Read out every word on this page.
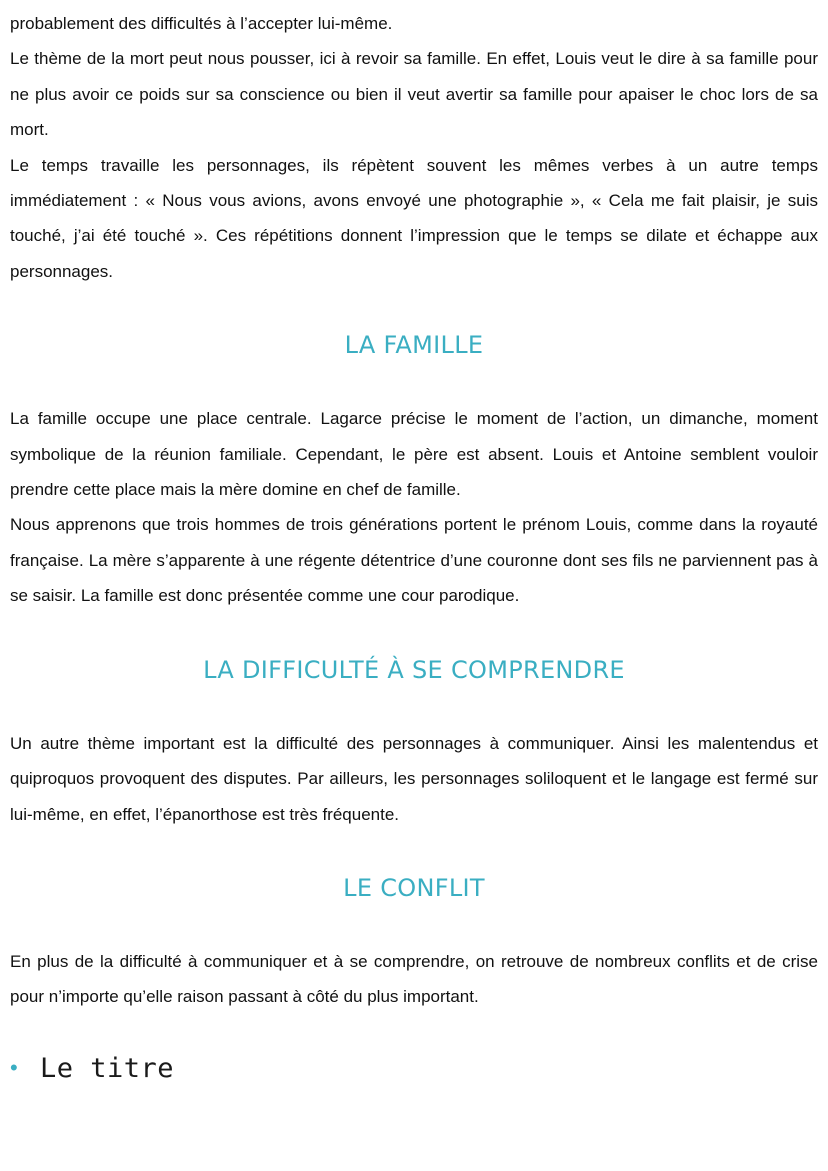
probablement des difficultés à l’accepter lui-même.

Le thème de la mort peut nous pousser, ici à revoir sa famille. En effet, Louis veut le dire à sa famille pour ne plus avoir ce poids sur sa conscience ou bien il veut avertir sa famille pour apaiser le choc lors de sa mort.

Le temps travaille les personnages, ils répètent souvent les mêmes verbes à un autre temps immédiatement : « Nous vous avions, avons envoyé une photographie », « Cela me fait plaisir, je suis touché, j’ai été touché ». Ces répétitions donnent l’impression que le temps se dilate et échappe aux personnages.

LA FAMILLE

La famille occupe une place centrale. Lagarce précise le moment de l’action, un dimanche, moment symbolique de la réunion familiale. Cependant, le père est absent. Louis et Antoine semblent vouloir prendre cette place mais la mère domine en chef de famille.

Nous apprenons que trois hommes de trois générations portent le prénom Louis, comme dans la royauté française. La mère s’apparente à une régente détentrice d’une couronne dont ses fils ne parviennent pas à se saisir. La famille est donc présentée comme une cour parodique.

LA DIFFICULTÉ À SE COMPRENDRE

Un autre thème important est la difficulté des personnages à communiquer. Ainsi les malentendus et quiproquos provoquent des disputes. Par ailleurs, les personnages soliloquent et le langage est fermé sur lui-même, en effet, l’épanorthose est très fréquente.

LE CONFLIT

En plus de la difficulté à communiquer et à se comprendre, on retrouve de nombreux conflits et de crise pour n’importe qu’elle raison passant à côté du plus important.

• Le titre
